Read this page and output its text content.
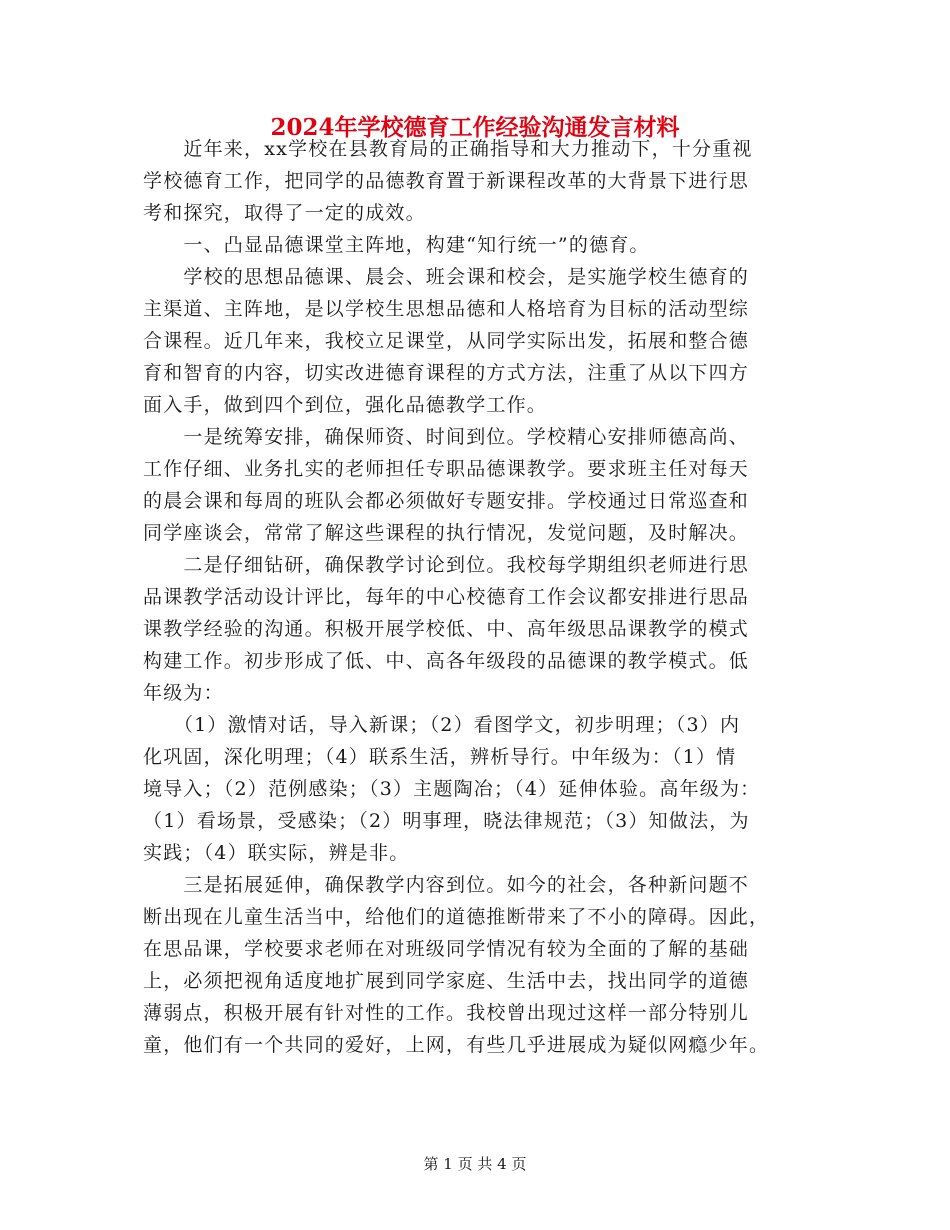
2024年学校德育工作经验沟通发言材料
　　近年来，xx学校在县教育局的正确指导和大力推动下，十分重视
学校德育工作，把同学的品德教育置于新课程改革的大背景下进行思
考和探究，取得了一定的成效。
　　一、凸显品德课堂主阵地，构建“知行统一”的德育。
　　学校的思想品德课、晨会、班会课和校会，是实施学校生德育的
主渠道、主阵地，是以学校生思想品德和人格培育为目标的活动型综
合课程。近几年来，我校立足课堂，从同学实际出发，拓展和整合德
育和智育的内容，切实改进德育课程的方式方法，注重了从以下四方
面入手，做到四个到位，强化品德教学工作。
　　一是统筹安排，确保师资、时间到位。学校精心安排师德高尚、
工作仔细、业务扎实的老师担任专职品德课教学。要求班主任对每天
的晨会课和每周的班队会都必须做好专题安排。学校通过日常巡查和
同学座谈会，常常了解这些课程的执行情况，发觉问题，及时解决。
　　二是仔细钻研，确保教学讨论到位。我校每学期组织老师进行思
品课教学活动设计评比，每年的中心校德育工作会议都安排进行思品
课教学经验的沟通。积极开展学校低、中、高年级思品课教学的模式
构建工作。初步形成了低、中、高各年级段的品德课的教学模式。低
年级为：
　　（1）激情对话，导入新课；（2）看图学文，初步明理；（3）内
化巩固，深化明理；（4）联系生活，辨析导行。中年级为：（1）情
境导入；（2）范例感染；（3）主题陶冶；（4）延伸体验。高年级为：
（1）看场景，受感染；（2）明事理，晓法律规范；（3）知做法，为
实践；（4）联实际，辨是非。
　　三是拓展延伸，确保教学内容到位。如今的社会，各种新问题不
断出现在儿童生活当中，给他们的道德推断带来了不小的障碍。因此，
在思品课，学校要求老师在对班级同学情况有较为全面的了解的基础
上，必须把视角适度地扩展到同学家庭、生活中去，找出同学的道德
薄弱点，积极开展有针对性的工作。我校曾出现过这样一部分特别儿
童，他们有一个共同的爱好，上网，有些几乎进展成为疑似网瘾少年。
第 1 页 共 4 页
